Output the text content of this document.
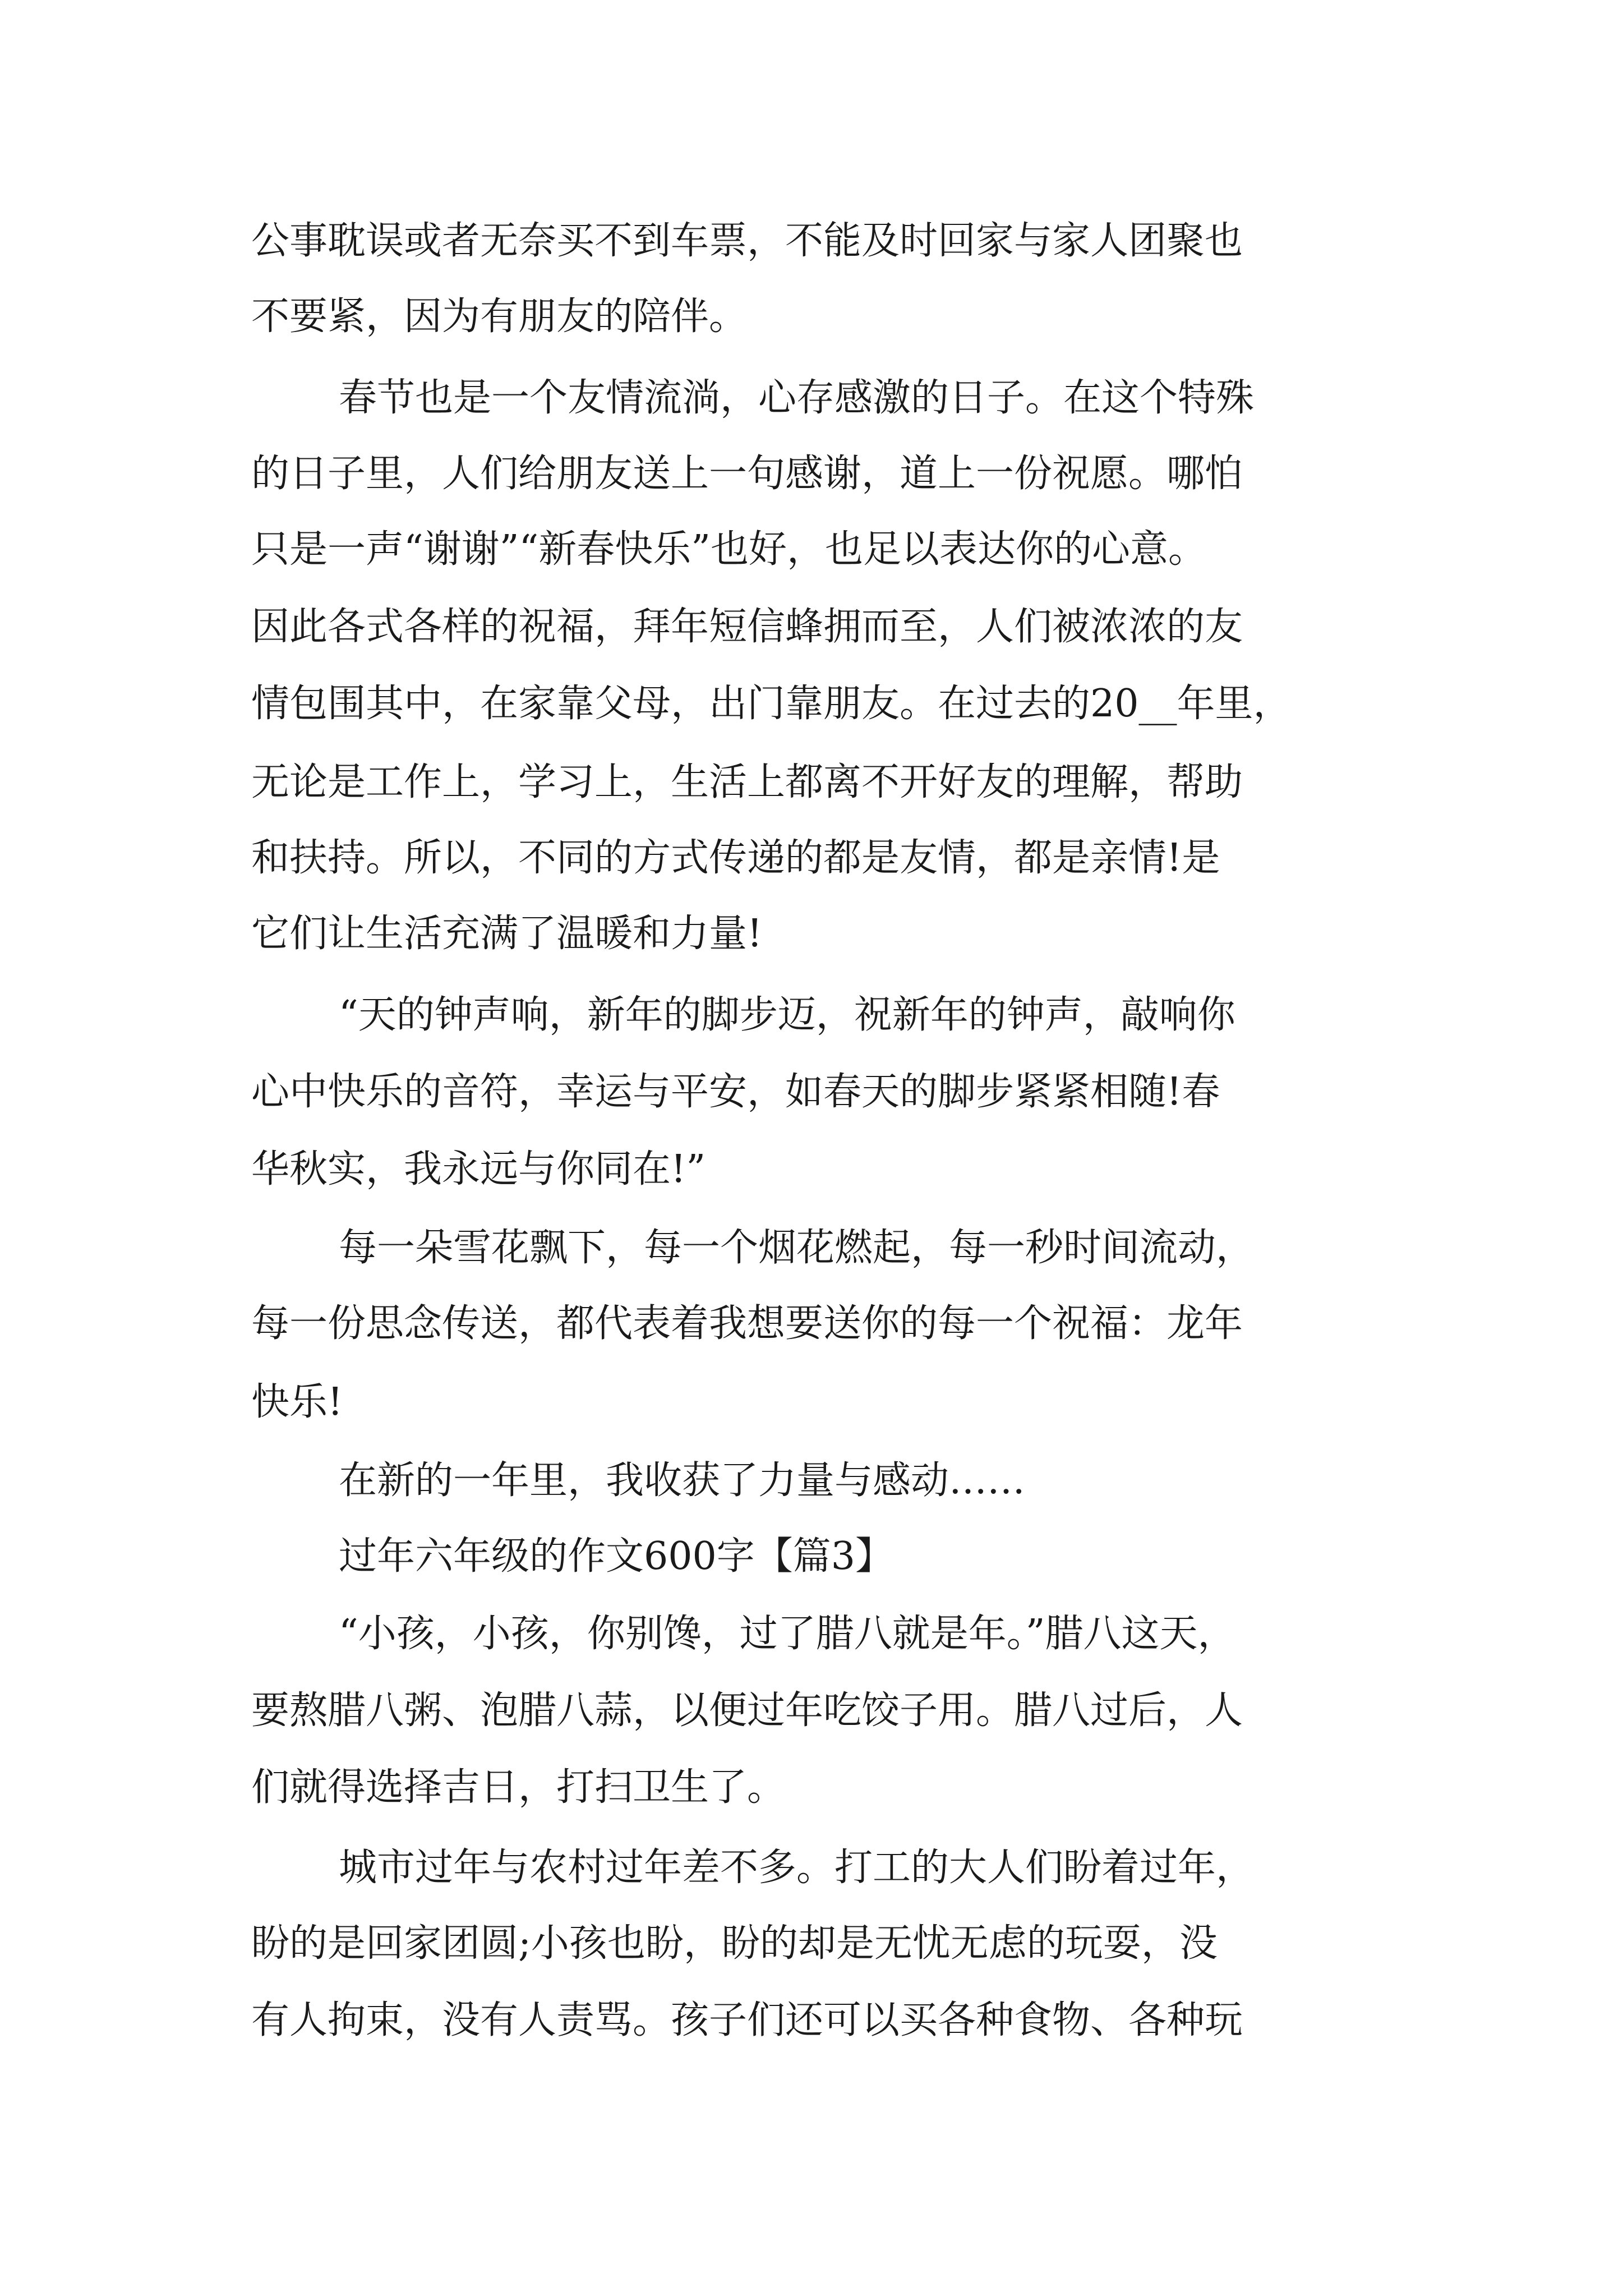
公事耽误或者无奈买不到车票，不能及时回家与家人团聚也
不要紧，因为有朋友的陪伴。
春节也是一个友情流淌，心存感激的日子。在这个特殊
的日子里，人们给朋友送上一句感谢，道上一份祝愿。哪怕
只是一声“谢谢”“新春快乐”也好，也足以表达你的心意。
因此各式各样的祝福，拜年短信蜂拥而至，人们被浓浓的友
情包围其中，在家靠父母，出门靠朋友。在过去的20__年里，
无论是工作上，学习上，生活上都离不开好友的理解，帮助
和扶持。所以，不同的方式传递的都是友情，都是亲情!是
它们让生活充满了温暖和力量!
“天的钟声响，新年的脚步迈，祝新年的钟声，敲响你
心中快乐的音符，幸运与平安，如春天的脚步紧紧相随!春
华秋实，我永远与你同在!”
每一朵雪花飘下，每一个烟花燃起，每一秒时间流动，
每一份思念传送，都代表着我想要送你的每一个祝福：龙年
快乐!
在新的一年里，我收获了力量与感动……
过年六年级的作文600字【篇3】
“小孩，小孩，你别馋，过了腊八就是年。”腊八这天，
要熬腊八粥、泡腊八蒜，以便过年吃饺子用。腊八过后，人
们就得选择吉日，打扫卫生了。
城市过年与农村过年差不多。打工的大人们盼着过年，
盼的是回家团圆;小孩也盼，盼的却是无忧无虑的玩耍，没
有人拘束，没有人责骂。孩子们还可以买各种食物、各种玩
